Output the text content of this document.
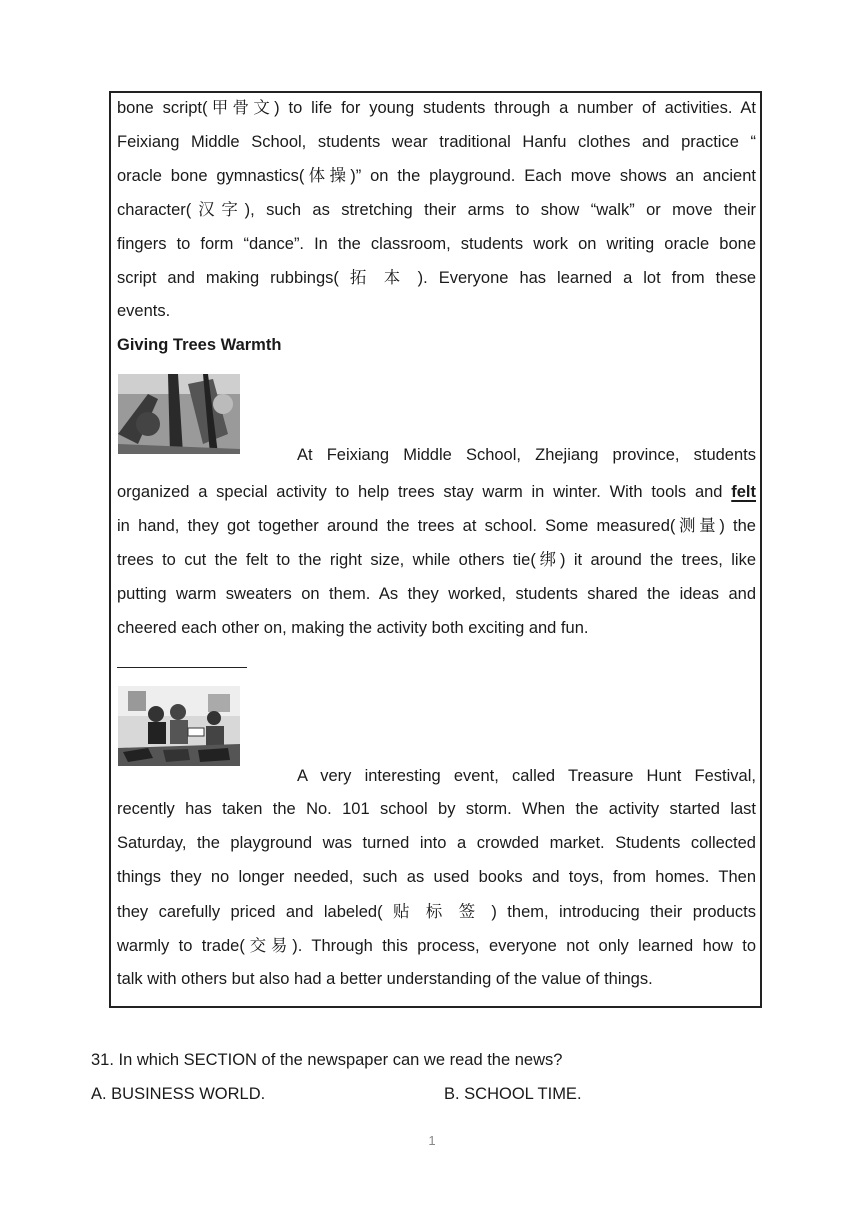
bone script(甲骨文) to life for young students through a number of activities. At
Feixiang Middle School, students wear traditional Hanfu clothes and practice “
oracle bone gymnastics(体操)” on the playground. Each move shows an ancient
character(汉字), such as stretching their arms to show “walk” or move their
fingers to form “dance”. In the classroom, students work on writing oracle bone
script and making rubbings( 拓 本 ). Everyone has learned a lot from these
events.
Giving Trees Warmth
At Feixiang Middle School, Zhejiang province, students
organized a special activity to help trees stay warm in winter. With tools and felt
in hand, they got together around the trees at school. Some measured(测量) the
trees to cut the felt to the right size, while others tie(绑) it around the trees, like
putting warm sweaters on them. As they worked, students shared the ideas and
cheered each other on, making the activity both exciting and fun.
A very interesting event, called Treasure Hunt Festival,
recently has taken the No. 101 school by storm. When the activity started last
Saturday, the playground was turned into a crowded market. Students collected
things they no longer needed, such as used books and toys, from homes. Then
they carefully priced and labeled( 贴 标 签 ) them, introducing their products
warmly to trade(交易). Through this process, everyone not only learned how to
talk with others but also had a better understanding of the value of things.
31. In which SECTION of the newspaper can we read the news?
A. BUSINESS WORLD.	B. SCHOOL TIME.
1
